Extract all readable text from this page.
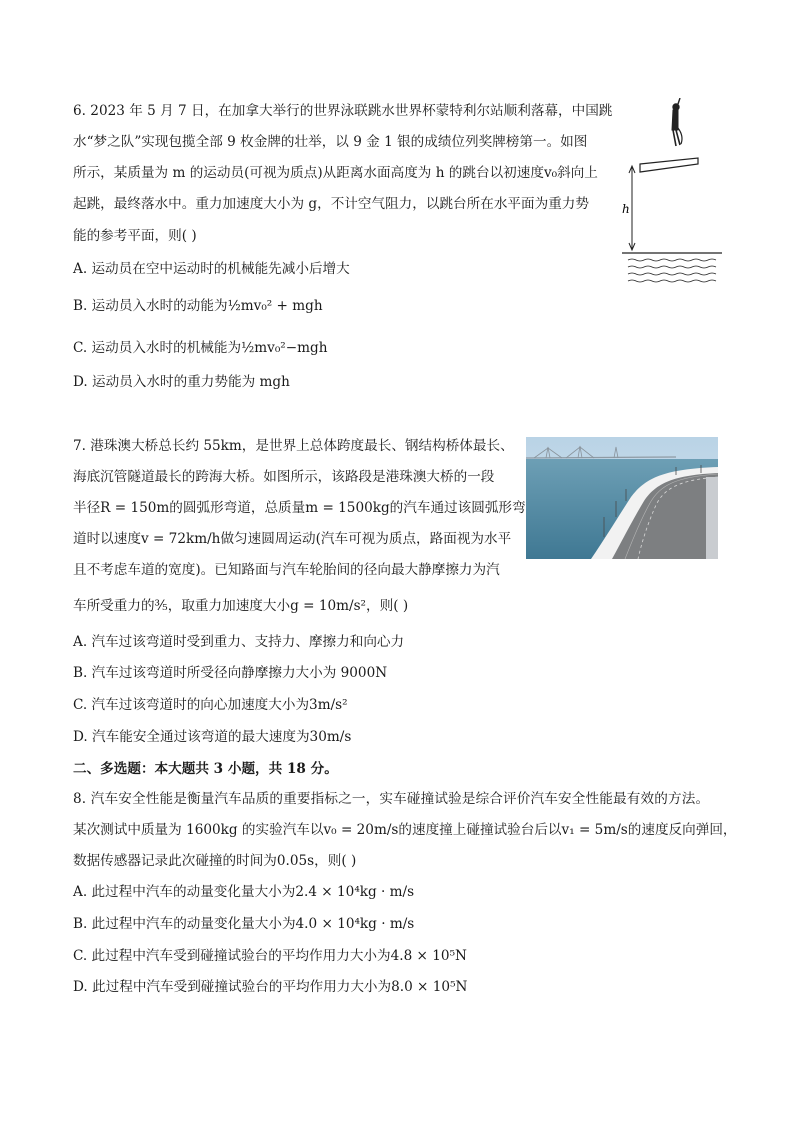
6. 2023 年 5 月 7 日，在加拿大举行的世界泳联跳水世界杯蒙特利尔站顺利落幕，中国跳
水“梦之队”实现包揽全部 9 枚金牌的壮举，以 9 金 1 银的成绩位列奖牌榜第一。如图
所示，某质量为 m 的运动员(可视为质点)从距离水面高度为 h 的跳台以初速度v₀斜向上
起跳，最终落水中。重力加速度大小为 g，不计空气阻力，以跳台所在水平面为重力势
能的参考平面，则( )
A. 运动员在空中运动时的机械能先减小后增大
B. 运动员入水时的动能为½mv₀² + mgh
C. 运动员入水时的机械能为½mv₀²−mgh
D. 运动员入水时的重力势能为 mgh
h
7. 港珠澳大桥总长约 55km，是世界上总体跨度最长、钢结构桥体最长、
海底沉管隧道最长的跨海大桥。如图所示，该路段是港珠澳大桥的一段
半径R = 150m的圆弧形弯道，总质量m = 1500kg的汽车通过该圆弧形弯
道时以速度v = 72km/h做匀速圆周运动(汽车可视为质点，路面视为水平
且不考虑车道的宽度)。已知路面与汽车轮胎间的径向最大静摩擦力为汽
车所受重力的⅗，取重力加速度大小g = 10m/s²，则( )
A. 汽车过该弯道时受到重力、支持力、摩擦力和向心力
B. 汽车过该弯道时所受径向静摩擦力大小为 9000N
C. 汽车过该弯道时的向心加速度大小为3m/s²
D. 汽车能安全通过该弯道的最大速度为30m/s
二、多选题：本大题共 3 小题，共 18 分。
8. 汽车安全性能是衡量汽车品质的重要指标之一，实车碰撞试验是综合评价汽车安全性能最有效的方法。
某次测试中质量为 1600kg 的实验汽车以v₀ = 20m/s的速度撞上碰撞试验台后以v₁ = 5m/s的速度反向弹回，
数据传感器记录此次碰撞的时间为0.05s，则( )
A. 此过程中汽车的动量变化量大小为2.4 × 10⁴kg · m/s
B. 此过程中汽车的动量变化量大小为4.0 × 10⁴kg · m/s
C. 此过程中汽车受到碰撞试验台的平均作用力大小为4.8 × 10⁵N
D. 此过程中汽车受到碰撞试验台的平均作用力大小为8.0 × 10⁵N
